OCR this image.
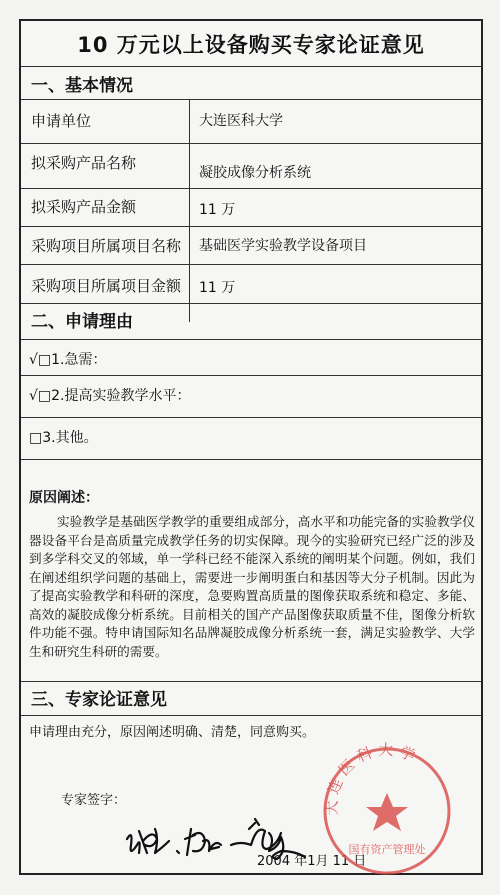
10 万元以上设备购买专家论证意见
一、基本情况
申请单位	大连医科大学
拟采购产品名称
凝胶成像分析系统
拟采购产品金额	11 万
采购项目所属项目名称 基础医学实验教学设备项目
采购项目所属项目金额 11 万
二、申请理由
√□1.急需：
√□2.提高实验教学水平：
□3.其他。
原因阐述：
实验教学是基础医学教学的重要组成部分，高水平和功能完备的实验教学仪器设备平台是高质量完成教学任务的切实保障。现今的实验研究已经广泛的涉及到多学科交叉的邻域，单一学科已经不能深入系统的阐明某个问题。例如，我们在阐述组织学问题的基础上，需要进一步阐明蛋白和基因等大分子机制。因此为了提高实验教学和科研的深度，急要购置高质量的图像获取系统和稳定、多能、高效的凝胶成像分析系统。目前相关的国产产品图像获取质量不佳，图像分析软件功能不强。特申请国际知名品牌凝胶成像分析系统一套，满足实验教学、大学生和研究生科研的需要。
三、专家论证意见
申请理由充分，原因阐述明确、清楚，同意购买。
专家签字：
2004 年1月 11 日
大连医科大学
国有资产管理处
